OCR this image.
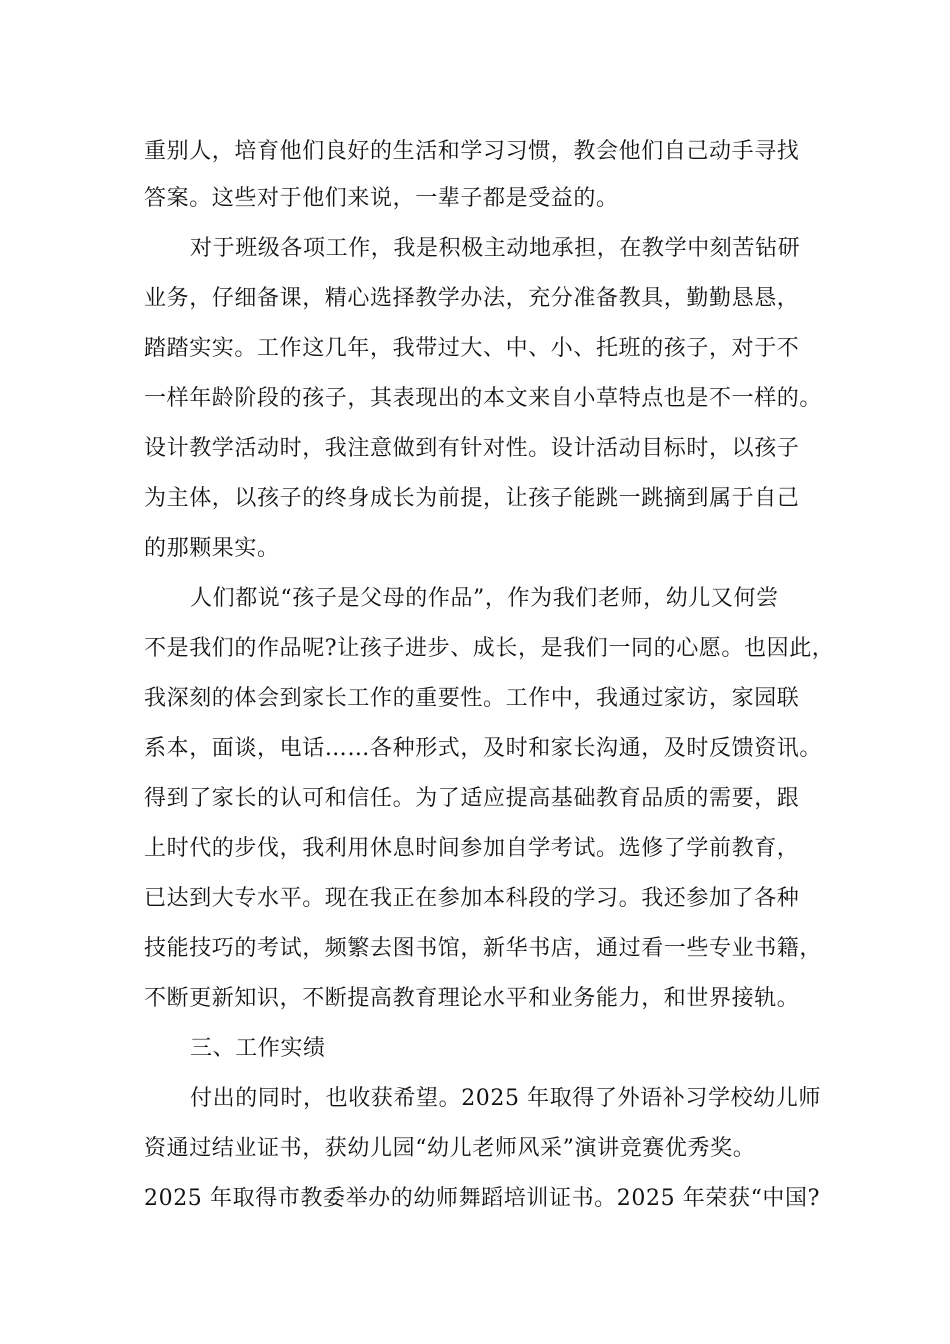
重别人，培育他们良好的生活和学习习惯，教会他们自己动手寻找
答案。这些对于他们来说，一辈子都是受益的。
对于班级各项工作，我是积极主动地承担，在教学中刻苦钻研
业务，仔细备课，精心选择教学办法，充分准备教具，勤勤恳恳，
踏踏实实。工作这几年，我带过大、中、小、托班的孩子，对于不
一样年龄阶段的孩子，其表现出的本文来自小草特点也是不一样的。
设计教学活动时，我注意做到有针对性。设计活动目标时，以孩子
为主体，以孩子的终身成长为前提，让孩子能跳一跳摘到属于自己
的那颗果实。
人们都说“孩子是父母的作品”，作为我们老师，幼儿又何尝
不是我们的作品呢?让孩子进步、成长，是我们一同的心愿。也因此，
我深刻的体会到家长工作的重要性。工作中，我通过家访，家园联
系本，面谈，电话……各种形式，及时和家长沟通，及时反馈资讯。
得到了家长的认可和信任。为了适应提高基础教育品质的需要，跟
上时代的步伐，我利用休息时间参加自学考试。选修了学前教育，
已达到大专水平。现在我正在参加本科段的学习。我还参加了各种
技能技巧的考试，频繁去图书馆，新华书店，通过看一些专业书籍，
不断更新知识，不断提高教育理论水平和业务能力，和世界接轨。
三、工作实绩
付出的同时，也收获希望。2025 年取得了外语补习学校幼儿师
资通过结业证书，获幼儿园“幼儿老师风采”演讲竞赛优秀奖。
2025 年取得市教委举办的幼师舞蹈培训证书。2025 年荣获“中国?
